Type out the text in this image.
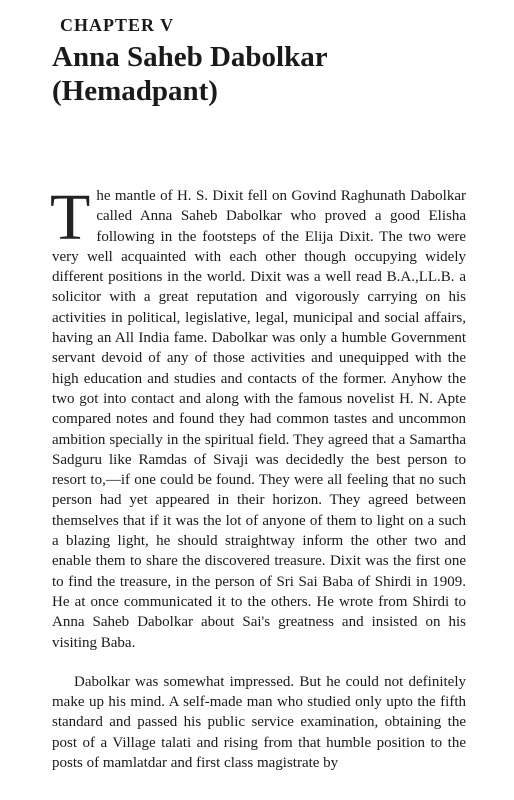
CHAPTER V
Anna Saheb Dabolkar
(Hemadpant)

The mantle of H. S. Dixit fell on Govind Raghunath Dabolkar called Anna Saheb Dabolkar who proved a good Elisha following in the footsteps of the Elija Dixit. The two were very well acquainted with each other though occupying widely different positions in the world. Dixit was a well read B.A.,LL.B. a solicitor with a great reputation and vigorously carrying on his activities in political, legislative, legal, municipal and social affairs, having an All India fame. Dabolkar was only a humble Government servant devoid of any of those activities and unequipped with the high education and studies and contacts of the former. Anyhow the two got into contact and along with the famous novelist H. N. Apte compared notes and found they had common tastes and uncommon ambition specially in the spiritual field. They agreed that a Samartha Sadguru like Ramdas of Sivaji was decidedly the best person to resort to,—if one could be found. They were all feeling that no such person had yet appeared in their horizon. They agreed between themselves that if it was the lot of anyone of them to light on a such a blazing light, he should straightway inform the other two and enable them to share the discovered treasure. Dixit was the first one to find the treasure, in the person of Sri Sai Baba of Shirdi in 1909. He at once communicated it to the others. He wrote from Shirdi to Anna Saheb Dabolkar about Sai's greatness and insisted on his visiting Baba.

Dabolkar was somewhat impressed. But he could not definitely make up his mind. A self-made man who studied only upto the fifth standard and passed his public service examination, obtaining the post of a Village talati and rising from that humble position to the posts of mamlatdar and first class magistrate by
